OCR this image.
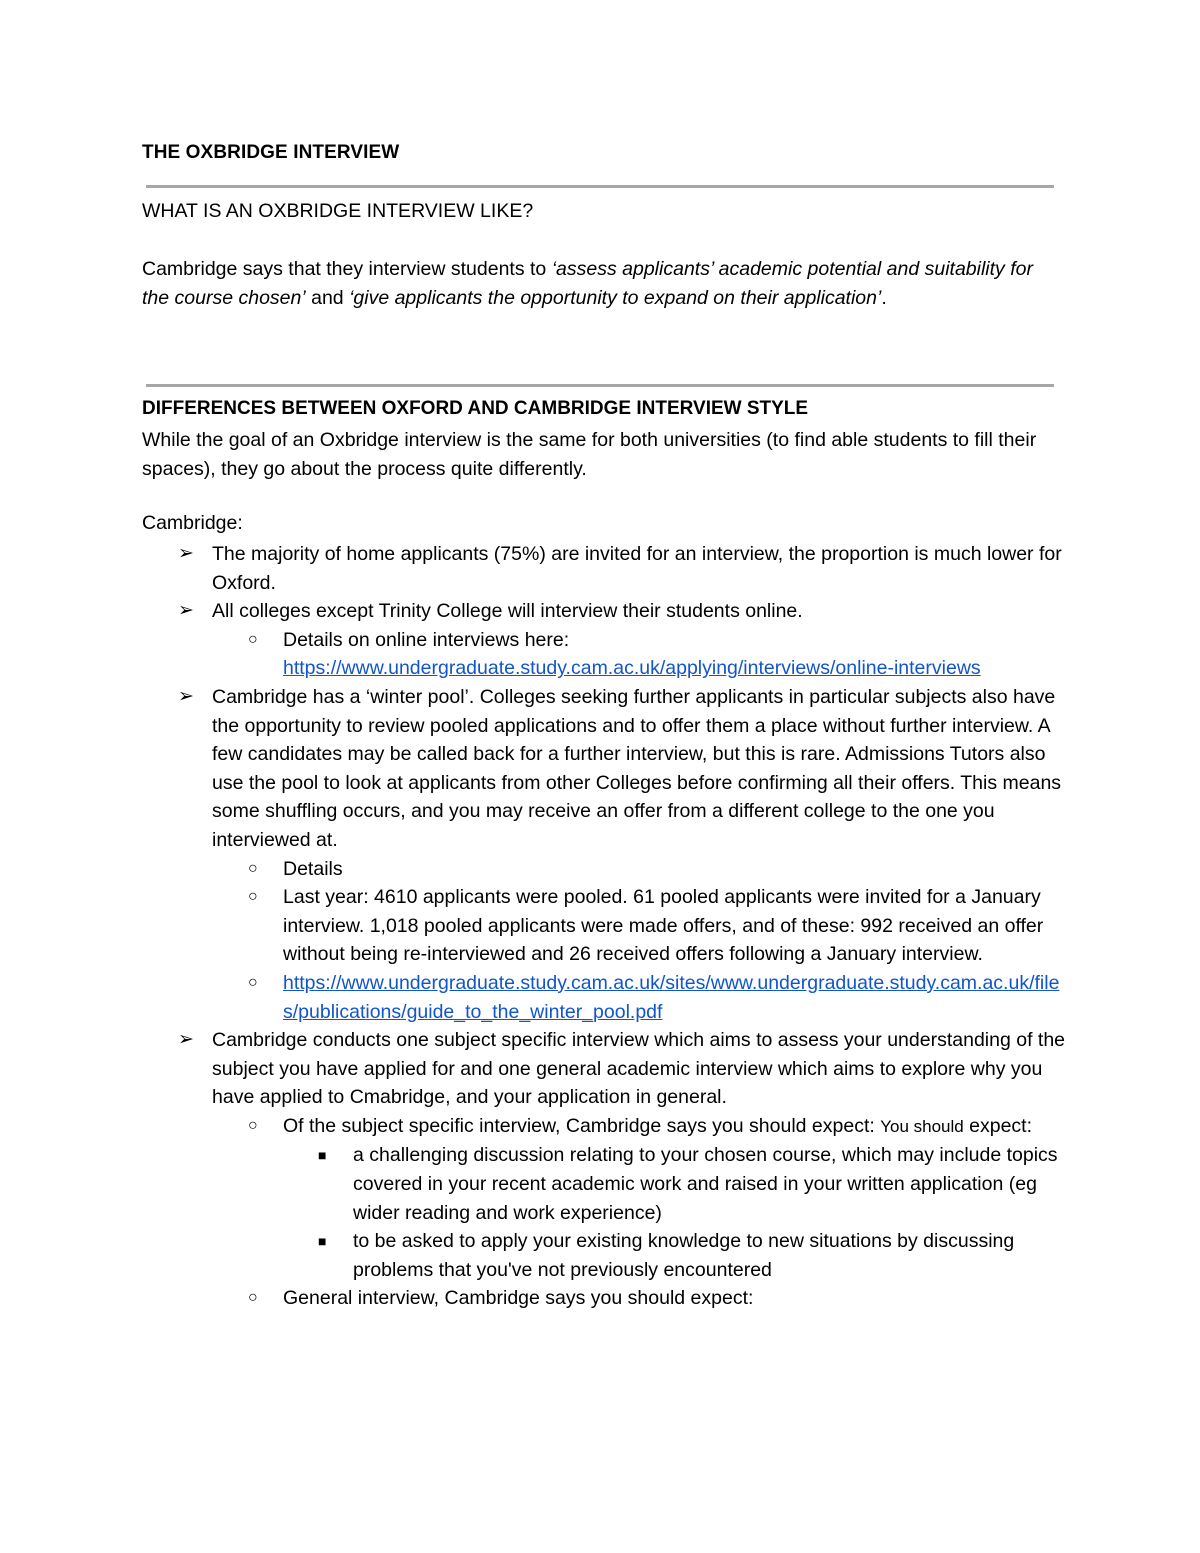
THE OXBRIDGE INTERVIEW
WHAT IS AN OXBRIDGE INTERVIEW LIKE?
Cambridge says that they interview students to ‘assess applicants’ academic potential and suitability for the course chosen’ and ‘give applicants the opportunity to expand on their application’.
DIFFERENCES BETWEEN OXFORD AND CAMBRIDGE INTERVIEW STYLE
While the goal of an Oxbridge interview is the same for both universities (to find able students to fill their spaces), they go about the process quite differently.
Cambridge:
➢ The majority of home applicants (75%) are invited for an interview, the proportion is much lower for Oxford.
➢ All colleges except Trinity College will interview their students online.
○	Details on online interviews here:
https://www.undergraduate.study.cam.ac.uk/applying/interviews/online-interviews
➢ Cambridge has a ‘winter pool’. Colleges seeking further applicants in particular subjects also have the opportunity to review pooled applications and to offer them a place without further interview. A few candidates may be called back for a further interview, but this is rare. Admissions Tutors also use the pool to look at applicants from other Colleges before confirming all their offers. This means some shuffling occurs, and you may receive an offer from a different college to the one you interviewed at.
○	Details
○	Last year: 4610 applicants were pooled. 61 pooled applicants were invited for a January interview. 1,018 pooled applicants were made offers, and of these: 992 received an offer without being re-interviewed and 26 received offers following a January interview.
○	https://www.undergraduate.study.cam.ac.uk/sites/www.undergraduate.study.cam.ac.uk/files/publications/guide_to_the_winter_pool.pdf
➢ Cambridge conducts one subject specific interview which aims to assess your understanding of the subject you have applied for and one general academic interview which aims to explore why you have applied to Cmabridge, and your application in general.
○	Of the subject specific interview, Cambridge says you should expect: You should expect:
■	a challenging discussion relating to your chosen course, which may include topics covered in your recent academic work and raised in your written application (eg wider reading and work experience)
■	to be asked to apply your existing knowledge to new situations by discussing problems that you've not previously encountered
○	General interview, Cambridge says you should expect:
